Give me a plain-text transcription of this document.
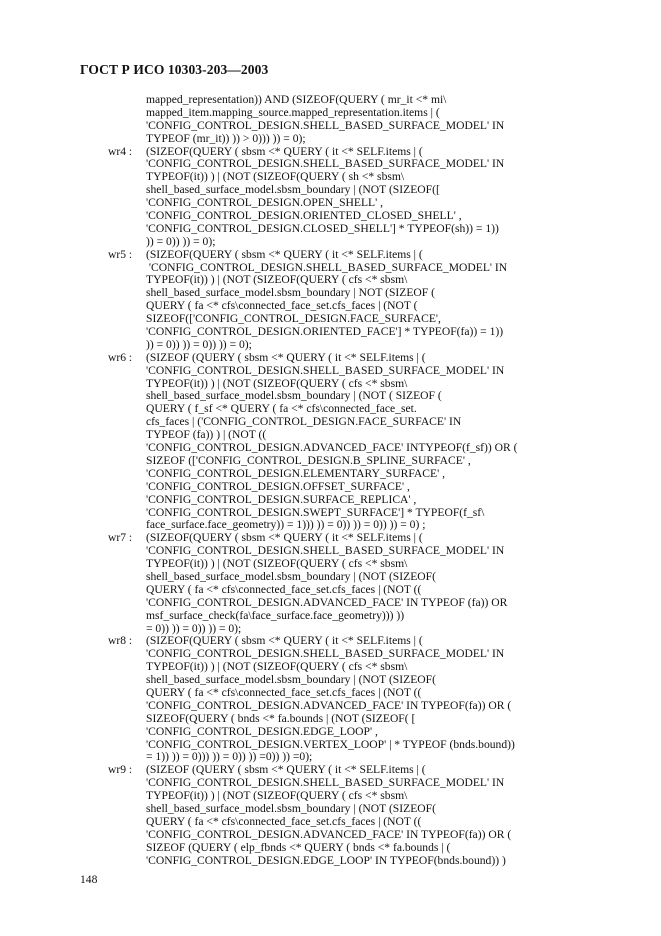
ГОСТ Р ИСО 10303-203—2003
mapped_representation)) AND (SIZEOF(QUERY ( mr_it <* mi\
mapped_item.mapping_source.mapped_representation.items | (
'CONFIG_CONTROL_DESIGN.SHELL_BASED_SURFACE_MODEL' IN
TYPEOF (mr_it)) )) > 0))) )) = 0);
wr4 : (SIZEOF(QUERY ( sbsm <* QUERY ( it <* SELF.items | (
'CONFIG_CONTROL_DESIGN.SHELL_BASED_SURFACE_MODEL' IN
TYPEOF(it)) ) | (NOT (SIZEOF(QUERY ( sh <* sbsm\
shell_based_surface_model.sbsm_boundary | (NOT (SIZEOF([
'CONFIG_CONTROL_DESIGN.OPEN_SHELL' ,
'CONFIG_CONTROL_DESIGN.ORIENTED_CLOSED_SHELL' ,
'CONFIG_CONTROL_DESIGN.CLOSED_SHELL'] * TYPEOF(sh)) = 1))
)) = 0)) )) = 0);
wr5 : (SIZEOF(QUERY ( sbsm <* QUERY ( it <* SELF.items | (
'CONFIG_CONTROL_DESIGN.SHELL_BASED_SURFACE_MODEL' IN
TYPEOF(it)) ) | (NOT (SIZEOF(QUERY ( cfs <* sbsm\
shell_based_surface_model.sbsm_boundary | NOT (SIZEOF (
QUERY ( fa <* cfs\connected_face_set.cfs_faces | (NOT (
SIZEOF(['CONFIG_CONTROL_DESIGN.FACE_SURFACE',
'CONFIG_CONTROL_DESIGN.ORIENTED_FACE'] * TYPEOF(fa)) = 1))
)) = 0)) )) = 0)) )) = 0);
wr6 : (SIZEOF (QUERY ( sbsm <* QUERY ( it <* SELF.items | (
'CONFIG_CONTROL_DESIGN.SHELL_BASED_SURFACE_MODEL' IN
TYPEOF(it)) ) | (NOT (SIZEOF(QUERY ( cfs <* sbsm\
shell_based_surface_model.sbsm_boundary | (NOT ( SIZEOF (
QUERY ( f_sf <* QUERY ( fa <* cfs\connected_face_set.
cfs_faces | ('CONFIG_CONTROL_DESIGN.FACE_SURFACE' IN
TYPEOF (fa)) ) | (NOT ((
'CONFIG_CONTROL_DESIGN.ADVANCED_FACE' INTYPEOF(f_sf)) OR (
SIZEOF (['CONFIG_CONTROL_DESIGN.B_SPLINE_SURFACE' ,
'CONFIG_CONTROL_DESIGN.ELEMENTARY_SURFACE' ,
'CONFIG_CONTROL_DESIGN.OFFSET_SURFACE' ,
'CONFIG_CONTROL_DESIGN.SURFACE_REPLICA' ,
'CONFIG_CONTROL_DESIGN.SWEPT_SURFACE'] * TYPEOF(f_sf\
face_surface.face_geometry)) = 1))) )) = 0)) )) = 0)) )) = 0) ;
wr7 : (SIZEOF(QUERY ( sbsm <* QUERY ( it <* SELF.items | (
'CONFIG_CONTROL_DESIGN.SHELL_BASED_SURFACE_MODEL' IN
TYPEOF(it)) ) | (NOT (SIZEOF(QUERY ( cfs <* sbsm\
shell_based_surface_model.sbsm_boundary | (NOT (SIZEOF(
QUERY ( fa <* cfs\connected_face_set.cfs_faces | (NOT ((
'CONFIG_CONTROL_DESIGN.ADVANCED_FACE' IN TYPEOF (fa)) OR
msf_surface_check(fa\face_surface.face_geometry))) ))
= 0)) )) = 0)) )) = 0);
wr8 : (SIZEOF(QUERY ( sbsm <* QUERY ( it <* SELF.items | (
'CONFIG_CONTROL_DESIGN.SHELL_BASED_SURFACE_MODEL' IN
TYPEOF(it)) ) | (NOT (SIZEOF(QUERY ( cfs <* sbsm\
shell_based_surface_model.sbsm_boundary | (NOT (SIZEOF(
QUERY ( fa <* cfs\connected_face_set.cfs_faces | (NOT ((
'CONFIG_CONTROL_DESIGN.ADVANCED_FACE' IN TYPEOF(fa)) OR (
SIZEOF(QUERY ( bnds <* fa.bounds | (NOT (SIZEOF( [
'CONFIG_CONTROL_DESIGN.EDGE_LOOP' ,
'CONFIG_CONTROL_DESIGN.VERTEX_LOOP' | * TYPEOF (bnds.bound))
= 1)) )) = 0))) )) = 0)) )) =0)) )) =0);
wr9 : (SIZEOF (QUERY ( sbsm <* QUERY ( it <* SELF.items | (
'CONFIG_CONTROL_DESIGN.SHELL_BASED_SURFACE_MODEL' IN
TYPEOF(it)) ) | (NOT (SIZEOF(QUERY ( cfs <* sbsm\
shell_based_surface_model.sbsm_boundary | (NOT (SIZEOF(
QUERY ( fa <* cfs\connected_face_set.cfs_faces | (NOT ((
'CONFIG_CONTROL_DESIGN.ADVANCED_FACE' IN TYPEOF(fa)) OR (
SIZEOF (QUERY ( elp_fbnds <* QUERY ( bnds <* fa.bounds | (
'CONFIG_CONTROL_DESIGN.EDGE_LOOP' IN TYPEOF(bnds.bound)) )
148
